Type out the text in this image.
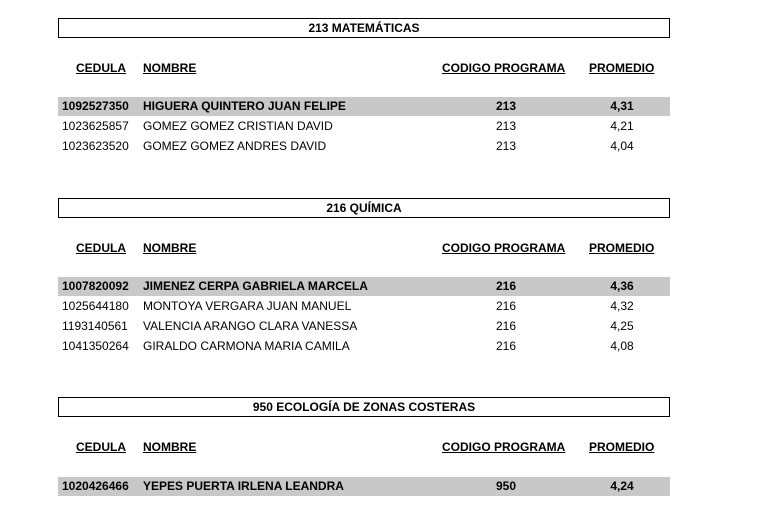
213 MATEMÁTICAS
CEDULA NOMBRE	CODIGO PROGRAMA PROMEDIO
1092527350 HIGUERA QUINTERO JUAN FELIPE	213	4,31
1023625857 GOMEZ GOMEZ CRISTIAN DAVID	213	4,21
1023623520 GOMEZ GOMEZ ANDRES DAVID	213	4,04
216 QUÍMICA
CEDULA NOMBRE	CODIGO PROGRAMA PROMEDIO
1007820092 JIMENEZ CERPA GABRIELA MARCELA	216	4,36
1025644180 MONTOYA VERGARA JUAN MANUEL	216	4,32
1193140561 VALENCIA ARANGO CLARA VANESSA	216	4,25
1041350264 GIRALDO CARMONA MARIA CAMILA	216	4,08
950 ECOLOGÍA DE ZONAS COSTERAS
CEDULA NOMBRE	CODIGO PROGRAMA PROMEDIO
1020426466 YEPES PUERTA IRLENA LEANDRA	950	4,24
